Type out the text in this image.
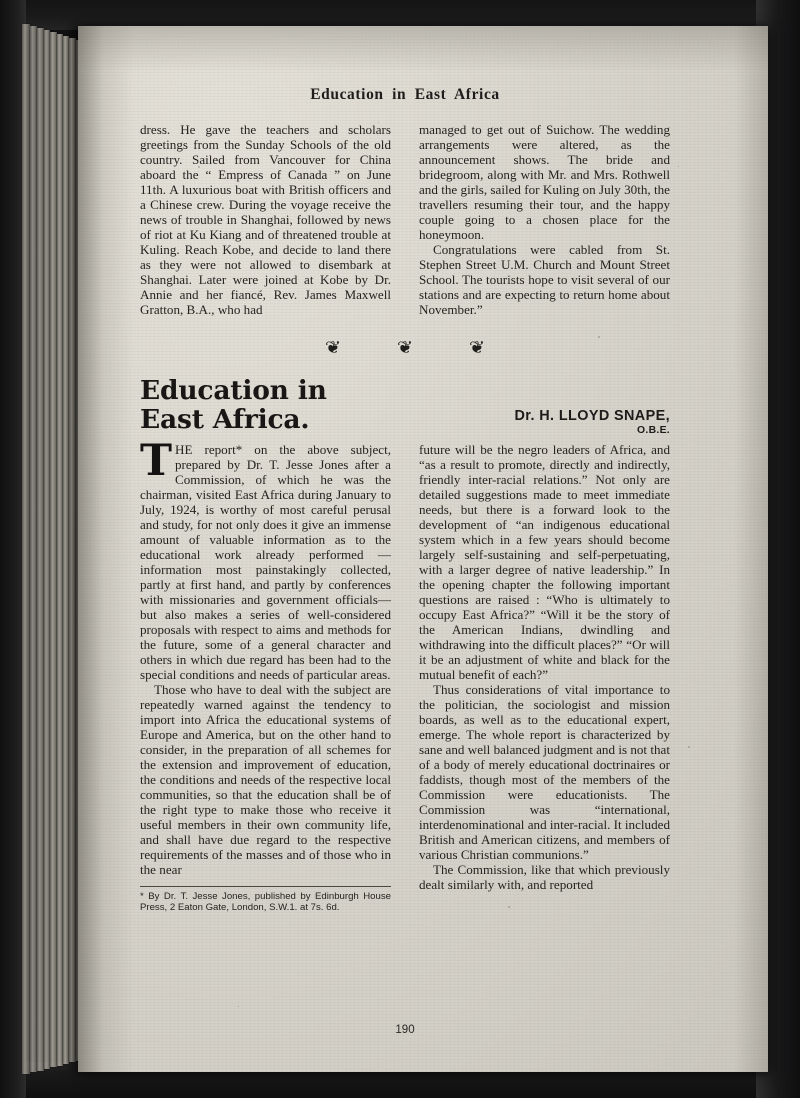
Education in East Africa

dress. He gave the teachers and scholars greetings from the Sunday Schools of the old country. Sailed from Vancouver for China aboard the “ Empress of Canada ” on June 11th. A luxurious boat with British officers and a Chinese crew. During the voyage receive the news of trouble in Shanghai, followed by news of riot at Ku Kiang and of threatened trouble at Kuling. Reach Kobe, and decide to land there as they were not allowed to disembark at Shanghai. Later were joined at Kobe by Dr. Annie and her fiancé, Rev. James Maxwell Gratton, B.A., who had

managed to get out of Suichow. The wedding arrangements were altered, as the announcement shows. The bride and bridegroom, along with Mr. and Mrs. Rothwell and the girls, sailed for Kuling on July 30th, the travellers resuming their tour, and the happy couple going to a chosen place for the honeymoon.

Congratulations were cabled from St. Stephen Street U.M. Church and Mount Street School. The tourists hope to visit several of our stations and are expecting to return home about November.”

❦	❦	❦
Education in
East Africa.	Dr. H. LLOYD SNAPE,
O.B.E.

THE report* on the above subject, prepared by Dr. T. Jesse Jones after a Commission, of which he was the chairman, visited East Africa during January to July, 1924, is worthy of most careful perusal and study, for not only does it give an immense amount of valuable information as to the educational work already performed — information most painstakingly collected, partly at first hand, and partly by conferences with missionaries and government officials—but also makes a series of well-considered proposals with respect to aims and methods for the future, some of a general character and others in which due regard has been had to the special conditions and needs of particular areas.

Those who have to deal with the subject are repeatedly warned against the tendency to import into Africa the educational systems of Europe and America, but on the other hand to consider, in the preparation of all schemes for the extension and improvement of education, the conditions and needs of the respective local communities, so that the education shall be of the right type to make those who receive it useful members in their own community life, and shall have due regard to the respective requirements of the masses and of those who in the near

* By Dr. T. Jesse Jones, published by Edinburgh House Press, 2 Eaton Gate, London, S.W.1. at 7s. 6d.

future will be the negro leaders of Africa, and “as a result to promote, directly and indirectly, friendly inter-racial relations.” Not only are detailed suggestions made to meet immediate needs, but there is a forward look to the development of “an indigenous educational system which in a few years should become largely self-sustaining and self-perpetuating, with a larger degree of native leadership.” In the opening chapter the following important questions are raised : “Who is ultimately to occupy East Africa?” “Will it be the story of the American Indians, dwindling and withdrawing into the difficult places?” “Or will it be an adjustment of white and black for the mutual benefit of each?”

Thus considerations of vital importance to the politician, the sociologist and mission boards, as well as to the educational expert, emerge. The whole report is characterized by sane and well balanced judgment and is not that of a body of merely educational doctrinaires or faddists, though most of the members of the Commission were educationists. The Commission was “international, interdenominational and inter-racial. It included British and American citizens, and members of various Christian communions.”

The Commission, like that which previously dealt similarly with, and reported

190
